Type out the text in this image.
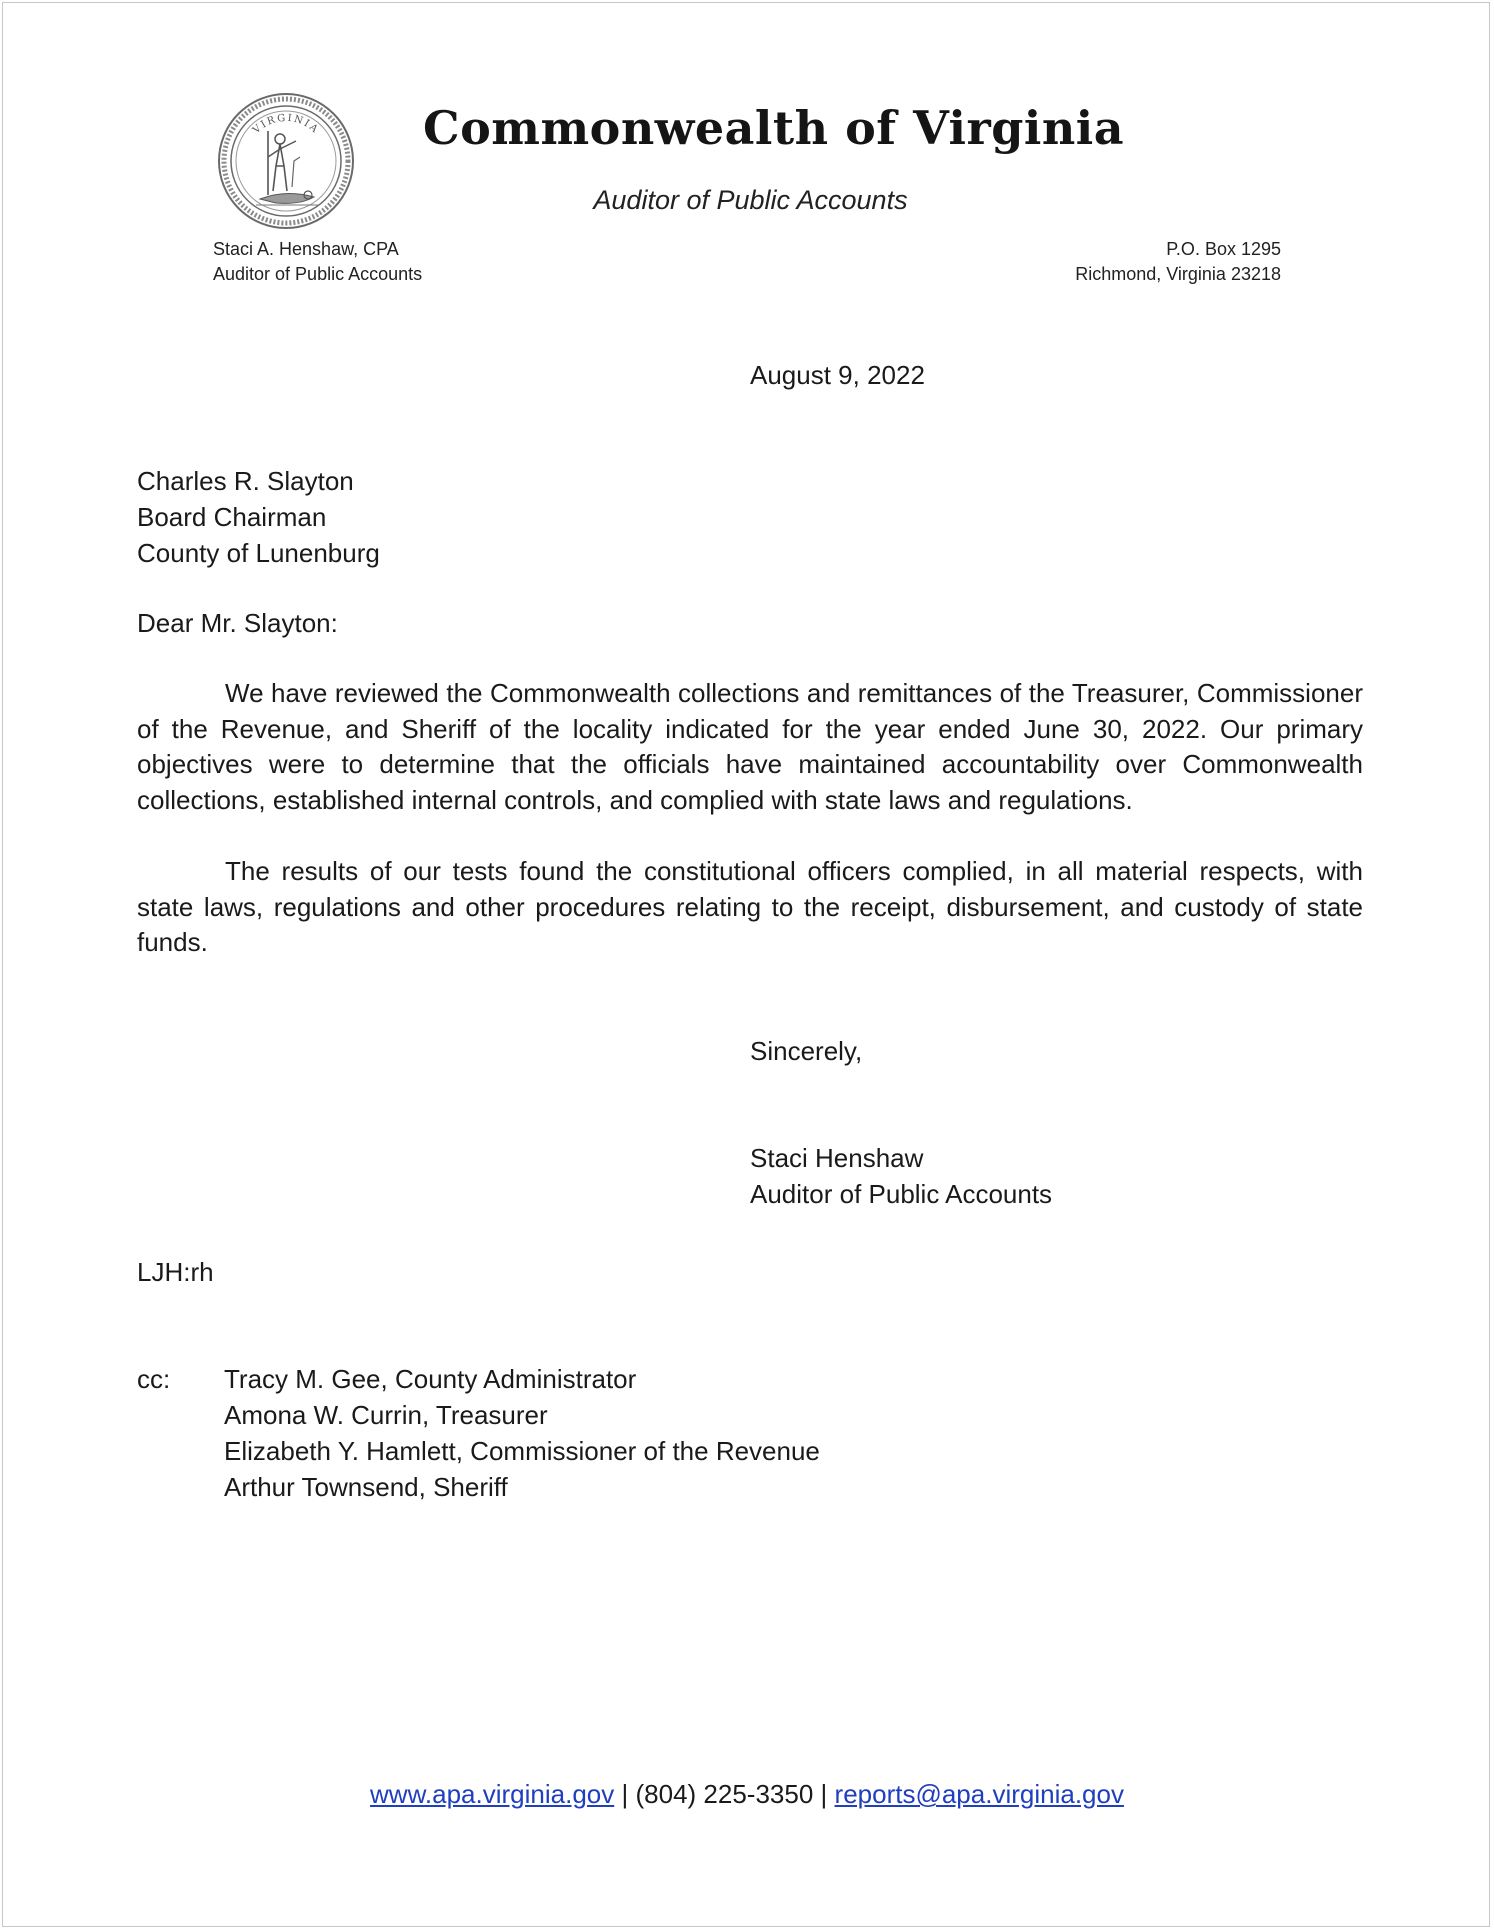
VIRGINIA Commonwealth of Virginia
Auditor of Public Accounts
Staci A. Henshaw, CPA
Auditor of Public Accounts
P.O. Box 1295
Richmond, Virginia 23218
August 9, 2022
Charles R. Slayton
Board Chairman
County of Lunenburg
Dear Mr. Slayton:

We have reviewed the Commonwealth collections and remittances of the Treasurer, Commissioner of the Revenue, and Sheriff of the locality indicated for the year ended June 30, 2022. Our primary objectives were to determine that the officials have maintained accountability over Commonwealth collections, established internal controls, and complied with state laws and regulations.

The results of our tests found the constitutional officers complied, in all material respects, with state laws, regulations and other procedures relating to the receipt, disbursement, and custody of state funds.

Sincerely,
Staci Henshaw
Auditor of Public Accounts
LJH:rh
cc: Tracy M. Gee, County Administrator
Amona W. Currin, Treasurer
Elizabeth Y. Hamlett, Commissioner of the Revenue
Arthur Townsend, Sheriff
www.apa.virginia.gov | (804) 225-3350 | reports@apa.virginia.gov
